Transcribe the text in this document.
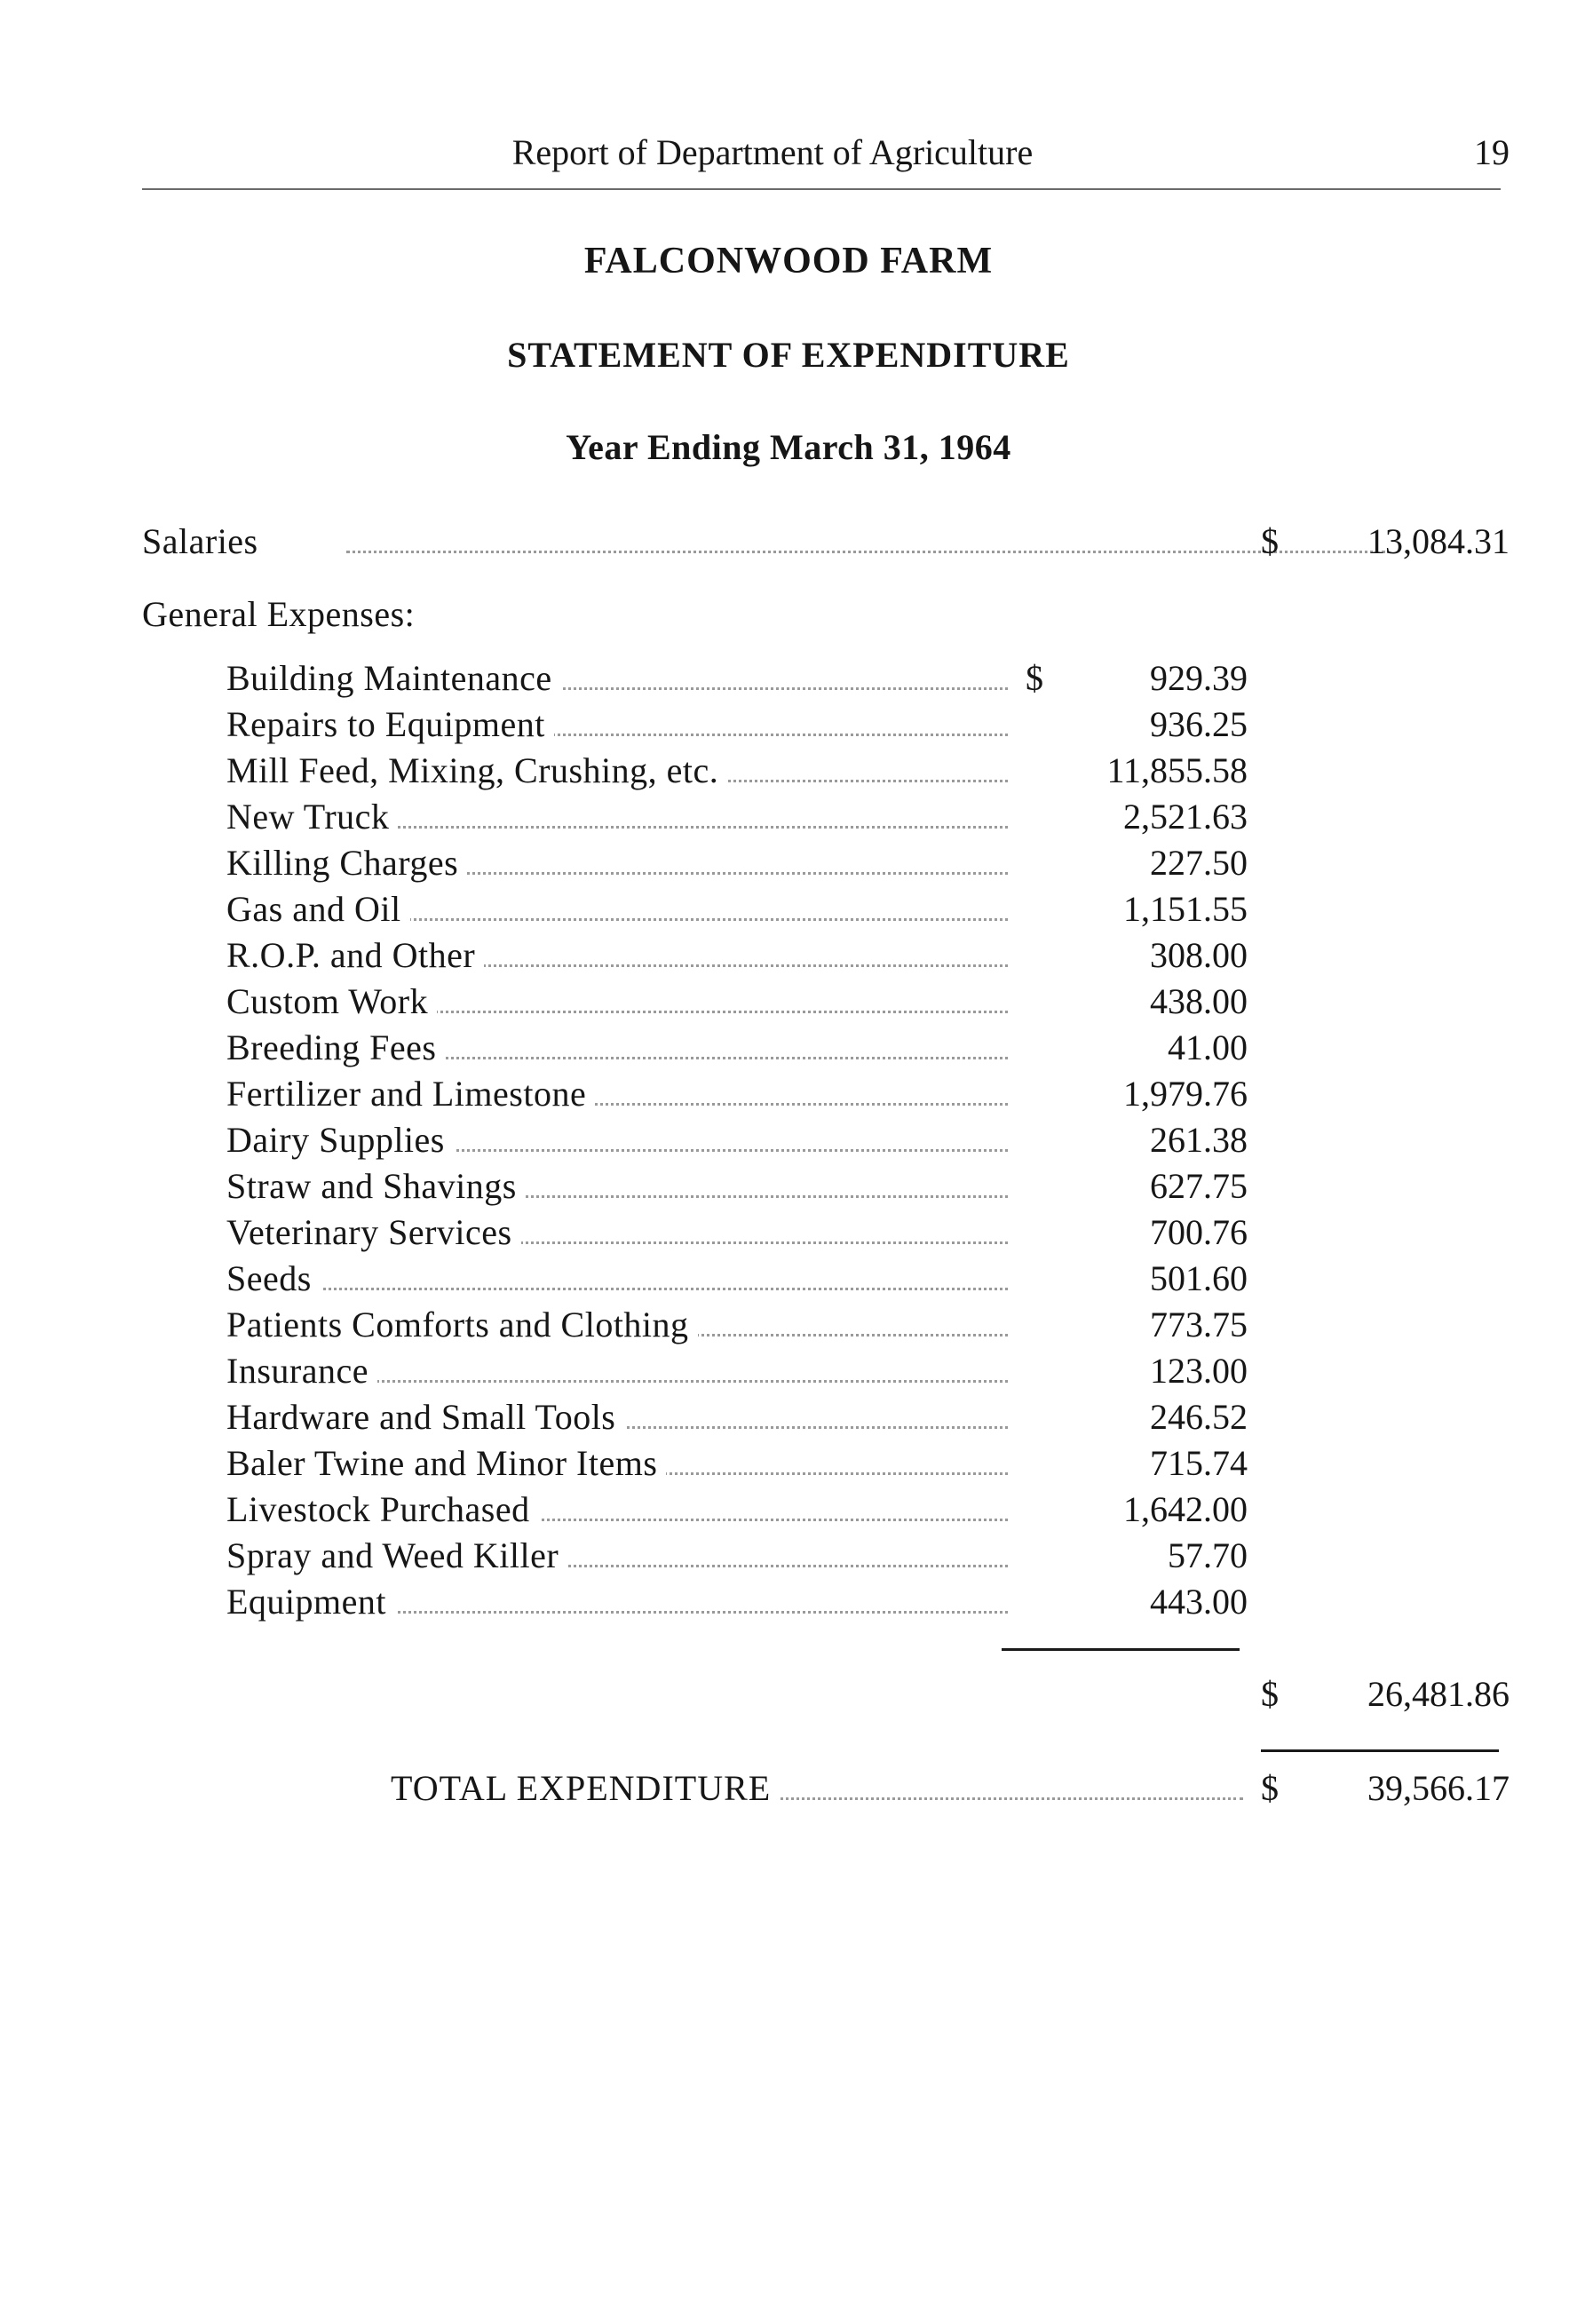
Report of Department of Agriculture	19
FALCONWOOD FARM
STATEMENT OF EXPENDITURE
Year Ending March 31, 1964
Salaries	$	13,084.31
General Expenses:
Building Maintenance	$	929.39
Repairs to Equipment	936.25
Mill Feed, Mixing, Crushing, etc.	11,855.58
New Truck	2,521.63
Killing Charges	227.50
Gas and Oil	1,151.55
R.O.P. and Other	308.00
Custom Work	438.00
Breeding Fees	41.00
Fertilizer and Limestone	1,979.76
Dairy Supplies	261.38
Straw and Shavings	627.75
Veterinary Services	700.76
Seeds	501.60
Patients Comforts and Clothing	773.75
Insurance	123.00
Hardware and Small Tools	246.52
Baler Twine and Minor Items	715.74
Livestock Purchased	1,642.00
Spray and Weed Killer	57.70
Equipment	443.00
$	26,481.86
TOTAL EXPENDITURE	$	39,566.17
